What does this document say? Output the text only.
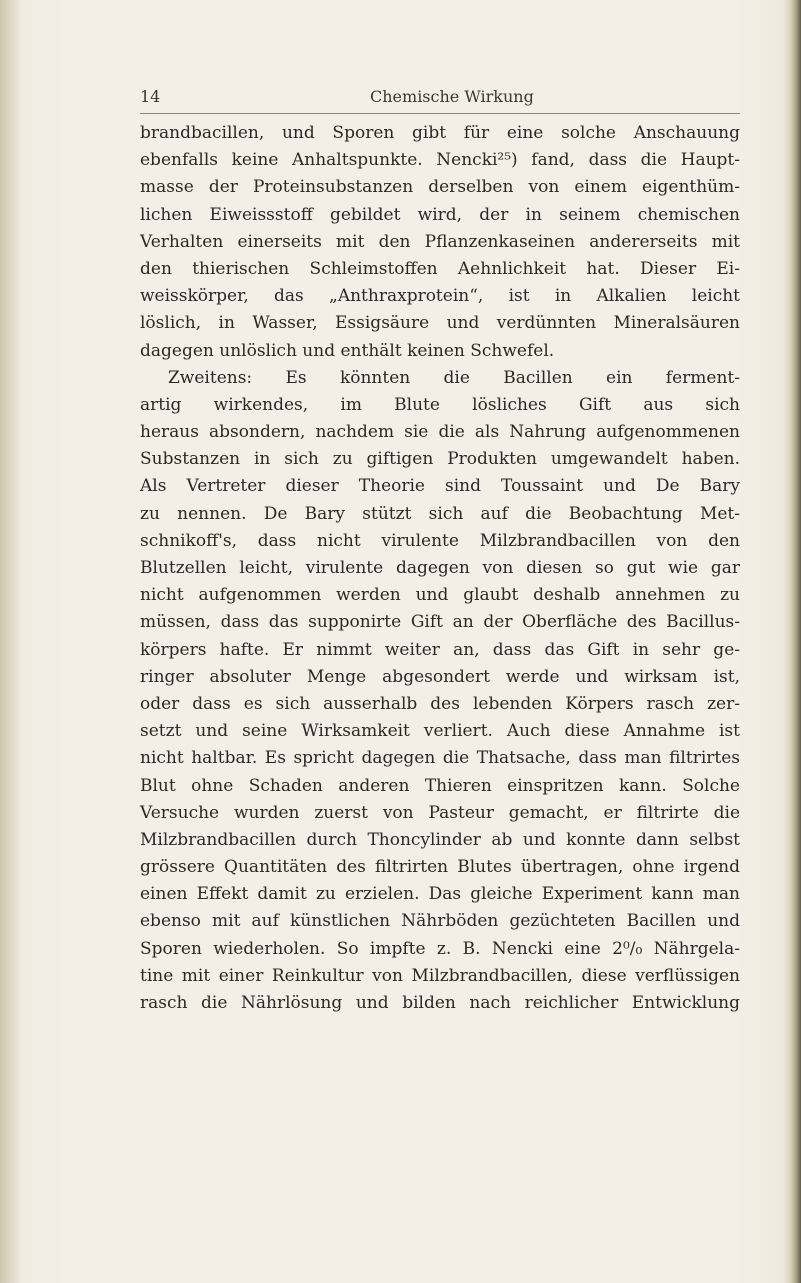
14	Chemische Wirkung
brandbacillen, und Sporen gibt für eine solche Anschauung
ebenfalls keine Anhaltspunkte. Nencki²⁵) fand, dass die Haupt-
masse der Proteinsubstanzen derselben von einem eigenthüm-
lichen Eiweissstoff gebildet wird, der in seinem chemischen
Verhalten einerseits mit den Pflanzenkaseinen andererseits mit
den thierischen Schleimstoffen Aehnlichkeit hat. Dieser Ei-
weisskörper, das „Anthraxprotein“, ist in Alkalien leicht
löslich, in Wasser, Essigsäure und verdünnten Mineralsäuren
dagegen unlöslich und enthält keinen Schwefel.
Zweitens: Es könnten die Bacillen ein ferment-
artig wirkendes, im Blute lösliches Gift aus sich
heraus absondern, nachdem sie die als Nahrung aufgenommenen
Substanzen in sich zu giftigen Produkten umgewandelt haben.
Als Vertreter dieser Theorie sind Toussaint und De Bary
zu nennen. De Bary stützt sich auf die Beobachtung Met-
schnikoff's, dass nicht virulente Milzbrandbacillen von den
Blutzellen leicht, virulente dagegen von diesen so gut wie gar
nicht aufgenommen werden und glaubt deshalb annehmen zu
müssen, dass das supponirte Gift an der Oberfläche des Bacillus-
körpers hafte. Er nimmt weiter an, dass das Gift in sehr ge-
ringer absoluter Menge abgesondert werde und wirksam ist,
oder dass es sich ausserhalb des lebenden Körpers rasch zer-
setzt und seine Wirksamkeit verliert. Auch diese Annahme ist
nicht haltbar. Es spricht dagegen die Thatsache, dass man filtrirtes
Blut ohne Schaden anderen Thieren einspritzen kann. Solche
Versuche wurden zuerst von Pasteur gemacht, er filtrirte die
Milzbrandbacillen durch Thoncylinder ab und konnte dann selbst
grössere Quantitäten des filtrirten Blutes übertragen, ohne irgend
einen Effekt damit zu erzielen. Das gleiche Experiment kann man
ebenso mit auf künstlichen Nährböden gezüchteten Bacillen und
Sporen wiederholen. So impfte z. B. Nencki eine 2⁰/₀ Nährgela-
tine mit einer Reinkultur von Milzbrandbacillen, diese verflüssigen
rasch die Nährlösung und bilden nach reichlicher Entwicklung
